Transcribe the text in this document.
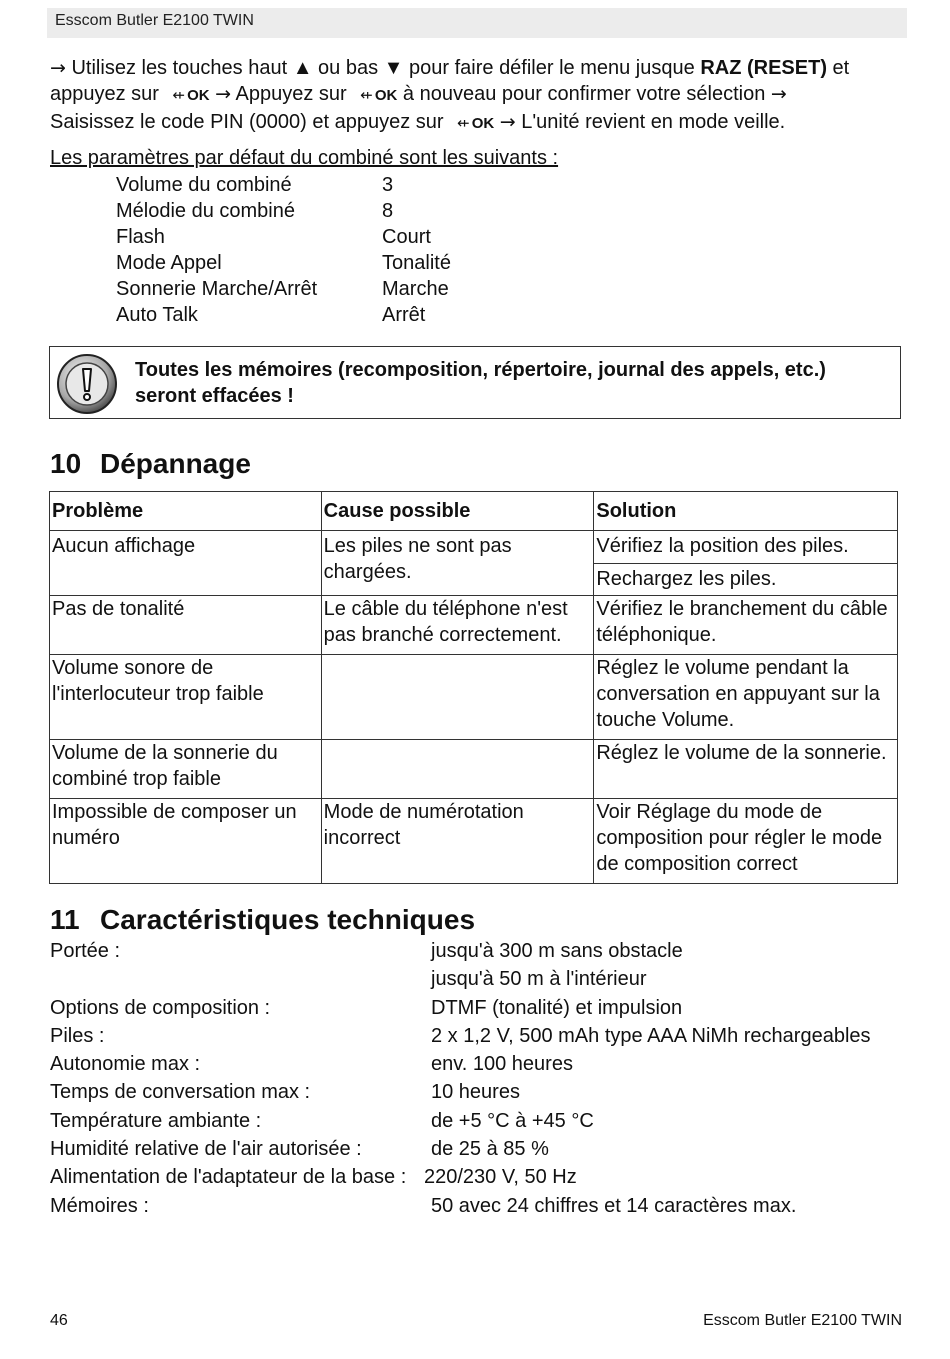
Esscom Butler E2100 TWIN
→ Utilisez les touches haut ▲ ou bas ▼ pour faire défiler le menu jusque RAZ (RESET) et
appuyez sur ⇷ OK → Appuyez sur ⇷ OK à nouveau pour confirmer votre sélection →
Saisissez le code PIN (0000) et appuyez sur ⇷ OK → L'unité revient en mode veille.
Les paramètres par défaut du combiné sont les suivants :
Volume du combiné	3
Mélodie du combiné	8
Flash	Court
Mode Appel	Tonalité
Sonnerie Marche/Arrêt	Marche
Auto Talk	Arrêt
Toutes les mémoires (recomposition, répertoire, journal des appels, etc.)
seront effacées !
10 Dépannage
Problème	Cause possible	Solution
Aucun affichage	Les piles ne sont pas chargées.	Vérifiez la position des piles.
		Rechargez les piles.
Pas de tonalité	Le câble du téléphone n'est pas branché correctement.	Vérifiez le branchement du câble téléphonique.
Volume sonore de l'interlocuteur trop faible		Réglez le volume pendant la conversation en appuyant sur la touche Volume.
Volume de la sonnerie du combiné trop faible		Réglez le volume de la sonnerie.
Impossible de composer un numéro	Mode de numérotation incorrect	Voir Réglage du mode de composition pour régler le mode de composition correct
11 Caractéristiques techniques
Portée :	jusqu'à 300 m sans obstacle
jusqu'à 50 m à l'intérieur
Options de composition :	DTMF (tonalité) et impulsion
Piles :	2 x 1,2 V, 500 mAh type AAA NiMh rechargeables
Autonomie max :	env. 100 heures
Temps de conversation max :	10 heures
Température ambiante :	de +5 °C à +45 °C
Humidité relative de l'air autorisée :	de 25 à 85 %
Alimentation de l'adaptateur de la base : 220/230 V, 50 Hz
Mémoires :	50 avec 24 chiffres et 14 caractères max.
46	Esscom Butler E2100 TWIN
